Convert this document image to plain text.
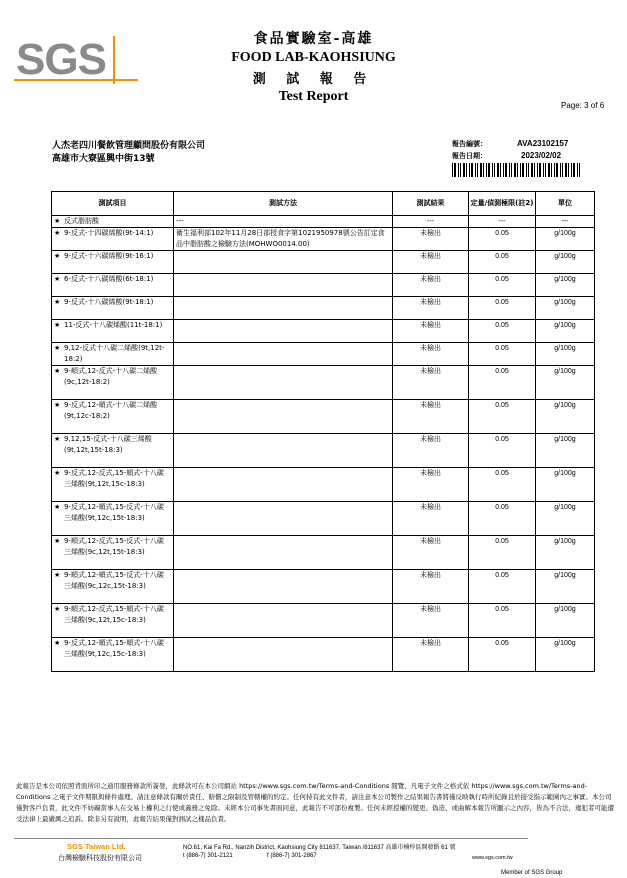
SGS	食品實驗室-高雄
FOOD LAB-KAOHSIUNG
測 試 報 告
Test Report
Page: 3 of 6
人杰老四川餐飲管理顧問股份有限公司
高雄市大寮區興中街13號
報告編號：	AVA23102157
報告日期：	2023/02/02
測試項目	測試方法	測試結果	定量/偵測極限(註2)	單位
★ 反式脂肪酸	---	---	---	---
★ 9-反式-十四碳烯酸(9t-14:1)	衛生福利部102年11月28日部授食字第1021950978號公告訂定食品中脂肪酸之檢驗方法(MOHWO0014.00)	未檢出	0.05	g/100g
★ 9-反式-十六碳烯酸(9t-16:1)		未檢出	0.05	g/100g
★ 6-反式-十八碳烯酸(6t-18:1)		未檢出	0.05	g/100g
★ 9-反式-十八碳烯酸(9t-18:1)		未檢出	0.05	g/100g
★ 11-反式-十八碳烯酸(11t-18:1)		未檢出	0.05	g/100g
★ 9,12-反式十八碳二烯酸(9t,12t-18:2)		未檢出	0.05	g/100g
★ 9-順式,12-反式-十八碳二烯酸(9c,12t-18:2)		未檢出	0.05	g/100g
★ 9-反式,12-順式-十八碳二烯酸(9t,12c-18:2)		未檢出	0.05	g/100g
★ 9,12,15-反式-十八碳三烯酸(9t,12t,15t-18:3)		未檢出	0.05	g/100g
★ 9-反式,12-反式,15-順式-十八碳三烯酸(9t,12t,15c-18:3)		未檢出	0.05	g/100g
★ 9-反式,12-順式,15-反式-十八碳三烯酸(9t,12c,15t-18:3)		未檢出	0.05	g/100g
★ 9-順式,12-反式,15-反式-十八碳三烯酸(9c,12t,15t-18:3)		未檢出	0.05	g/100g
★ 9-順式,12-順式,15-反式-十八碳三烯酸(9c,12c,15t-18:3)		未檢出	0.05	g/100g
★ 9-順式,12-反式,15-順式-十八碳三烯酸(9c,12t,15c-18:3)		未檢出	0.05	g/100g
★ 9-反式,12-順式,15-順式-十八碳三烯酸(9t,12c,15c-18:3)		未檢出	0.05	g/100g
此報告是本公司依照背面所印之通用服務條款所簽發，此條款可在本公司網站 https://www.sgs.com.tw/Terms-and-Conditions 閱覽，凡電子文件之格式依 https://www.sgs.com.tw/Terms-and-Conditions 之電子文件期限與條件處理。請注意條款有關於責任、賠償之限制及管轄權的約定。任何持有此文件者，請注意本公司製作之結果報告書將僅反映執行時所紀錄且於接受指示範圍內之事實。本公司僅對客戶負責，此文件不妨礙當事人在交易上權利之行使或義務之免除。未經本公司事先書面同意，此報告不可部份複製。任何未經授權的變更、偽造、或曲解本報告所顯示之內容，皆為不合法，違犯者可能遭受法律上最嚴厲之追訴。除非另有說明，此報告結果僅對測試之樣品負責。
SGS Taiwan Ltd.
台灣檢驗科技股份有限公司
NO.61, Kai Fa Rd., Nanzih District, Kaohsiung City 811637, Taiwan /811637 高雄市楠梓區開發路 61 號
t (886-7) 301-2121	f (886-7) 301-2867	www.sgs.com.tw
Member of SGS Group
